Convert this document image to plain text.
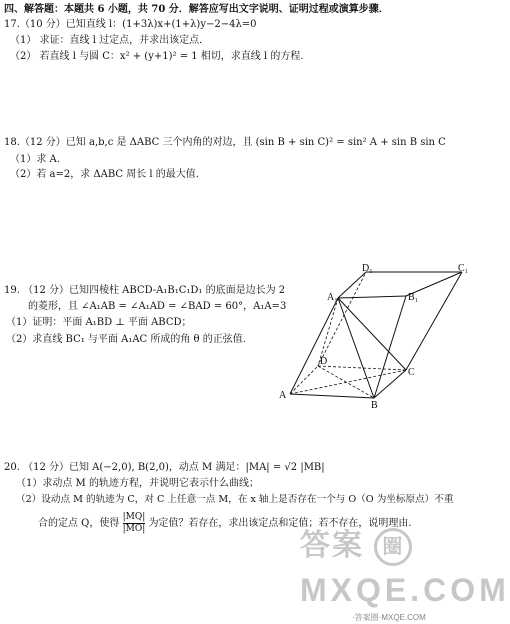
四、解答题：本题共 6 小题，共 70 分．解答应写出文字说明、证明过程或演算步骤．
17.（10 分）已知直线 l：(1+3λ)x+(1+λ)y−2−4λ=0
（1） 求证：直线 l 过定点，并求出该定点．
（2） 若直线 l 与圆 C：x² + (y+1)² = 1 相切，求直线 l 的方程.
18.（12 分）已知 a,b,c 是 ΔABC 三个内角的对边，且 (sin B + sin C)² = sin² A + sin B sin C
（1）求 A．
（2）若 a=2，求 ΔABC 周长 l 的最大值.
19. （12 分）已知四棱柱 ABCD-A₁B₁C₁D₁ 的底面是边长为 2
的菱形，且 ∠A₁AB = ∠A₁AD = ∠BAD = 60°，A₁A=3
（1）证明：平面 A₁BD ⊥ 平面 ABCD；
（2）求直线 BC₁ 与平面 A₁AC 所成的角 θ 的正弦值.
A
B
C
D
A₁	B₁
C₁
D₁
20. （12 分）已知 A(−2,0), B(2,0)，动点 M 满足：|MA| = √2 |MB|
（1）求动点 M 的轨迹方程，并说明它表示什么曲线；
（2）设动点 M 的轨迹为 C，对 C 上任意一点 M，在 x 轴上是否存在一个与 O（O 为坐标原点）不重
合的定点 Q，使得 $\frac{|MQ|}{|MO|}$ 为定值？若存在，求出该定点和定值；若不存在，说明理由.
答案 圈
MXQE.COM
·答案圈·MXQE.COM
